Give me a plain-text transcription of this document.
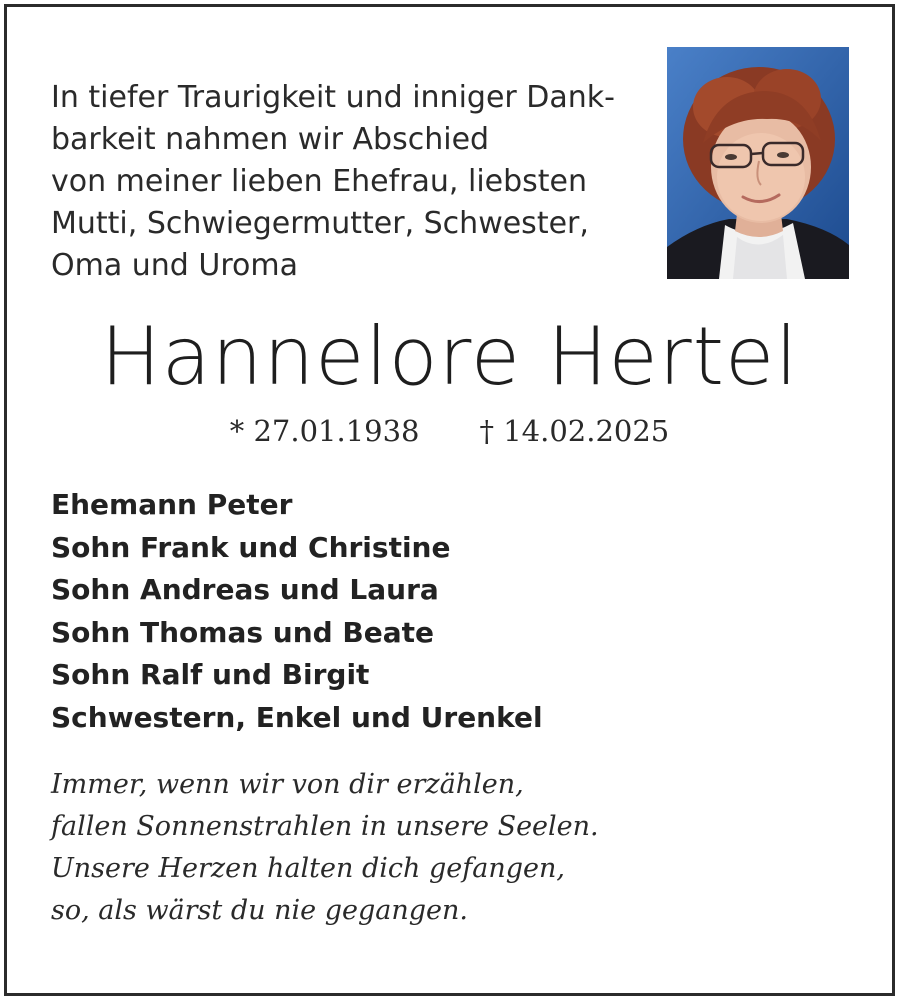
In tiefer Traurigkeit und inniger Dank-
barkeit nahmen wir Abschied
von meiner lieben Ehefrau, liebsten
Mutti, Schwiegermutter, Schwester,
Oma und Uroma

Hannelore Hertel
* 27.01.1938 † 14.02.2025
Ehemann Peter
Sohn Frank und Christine
Sohn Andreas und Laura
Sohn Thomas und Beate
Sohn Ralf und Birgit
Schwestern, Enkel und Urenkel

Immer, wenn wir von dir erzählen,
fallen Sonnenstrahlen in unsere Seelen.
Unsere Herzen halten dich gefangen,
so, als wärst du nie gegangen.
